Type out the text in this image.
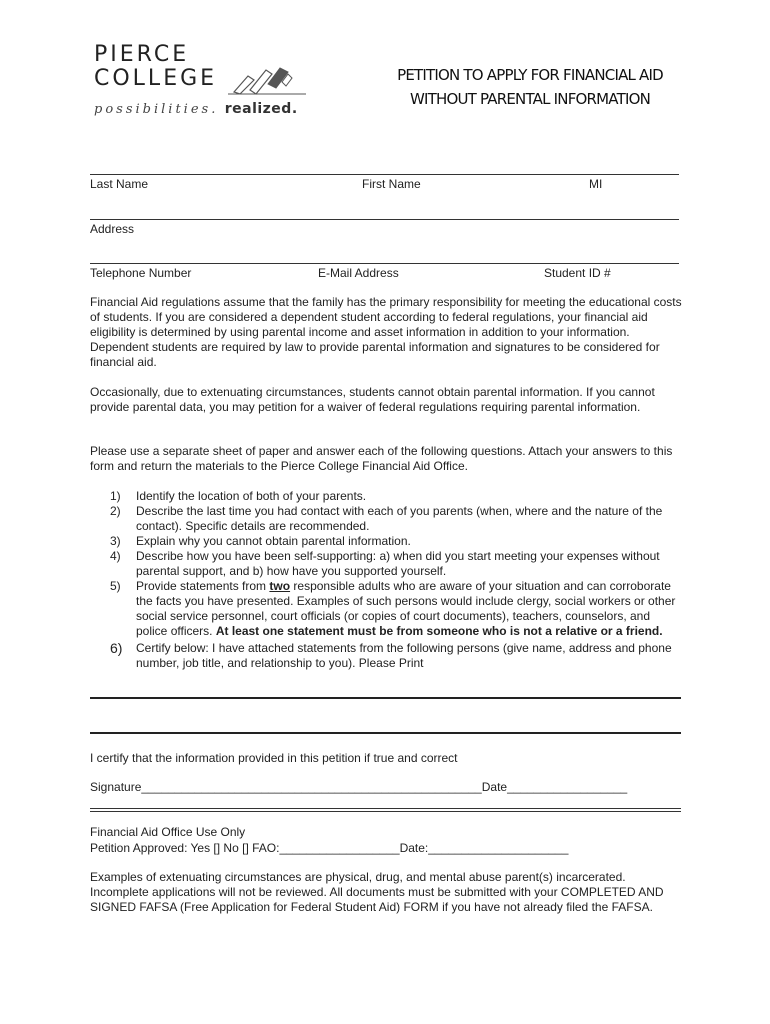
PIERCE
COLLEGE
possibilities. realized.
PETITION TO APPLY FOR FINANCIAL AID
WITHOUT PARENTAL INFORMATION
Last Name	First Name	MI
Address
Telephone Number	E-Mail Address	Student ID #
Financial Aid regulations assume that the family has the primary responsibility for meeting the educational costs of students. If you are considered a dependent student according to federal regulations, your financial aid eligibility is determined by using parental income and asset information in addition to your information. Dependent students are required by law to provide parental information and signatures to be considered for financial aid.
Occasionally, due to extenuating circumstances, students cannot obtain parental information. If you cannot provide parental data, you may petition for a waiver of federal regulations requiring parental information.
Please use a separate sheet of paper and answer each of the following questions. Attach your answers to this form and return the materials to the Pierce College Financial Aid Office.
1) Identify the location of both of your parents.
2) Describe the last time you had contact with each of you parents (when, where and the nature of the contact). Specific details are recommended.
3) Explain why you cannot obtain parental information.
4) Describe how you have been self-supporting: a) when did you start meeting your expenses without parental support, and b) how have you supported yourself.
5) Provide statements from two responsible adults who are aware of your situation and can corroborate the facts you have presented. Examples of such persons would include clergy, social workers or other social service personnel, court officials (or copies of court documents), teachers, counselors, and police officers. At least one statement must be from someone who is not a relative or a friend.
6) Certify below: I have attached statements from the following persons (give name, address and phone number, job title, and relationship to you). Please Print
I certify that the information provided in this petition if true and correct
Signature___________________________________________________Date__________________
Financial Aid Office Use Only
Petition Approved: Yes [] No [] FAO:__________________Date:_____________________
Examples of extenuating circumstances are physical, drug, and mental abuse parent(s) incarcerated. Incomplete applications will not be reviewed. All documents must be submitted with your COMPLETED AND SIGNED FAFSA (Free Application for Federal Student Aid) FORM if you have not already filed the FAFSA.
